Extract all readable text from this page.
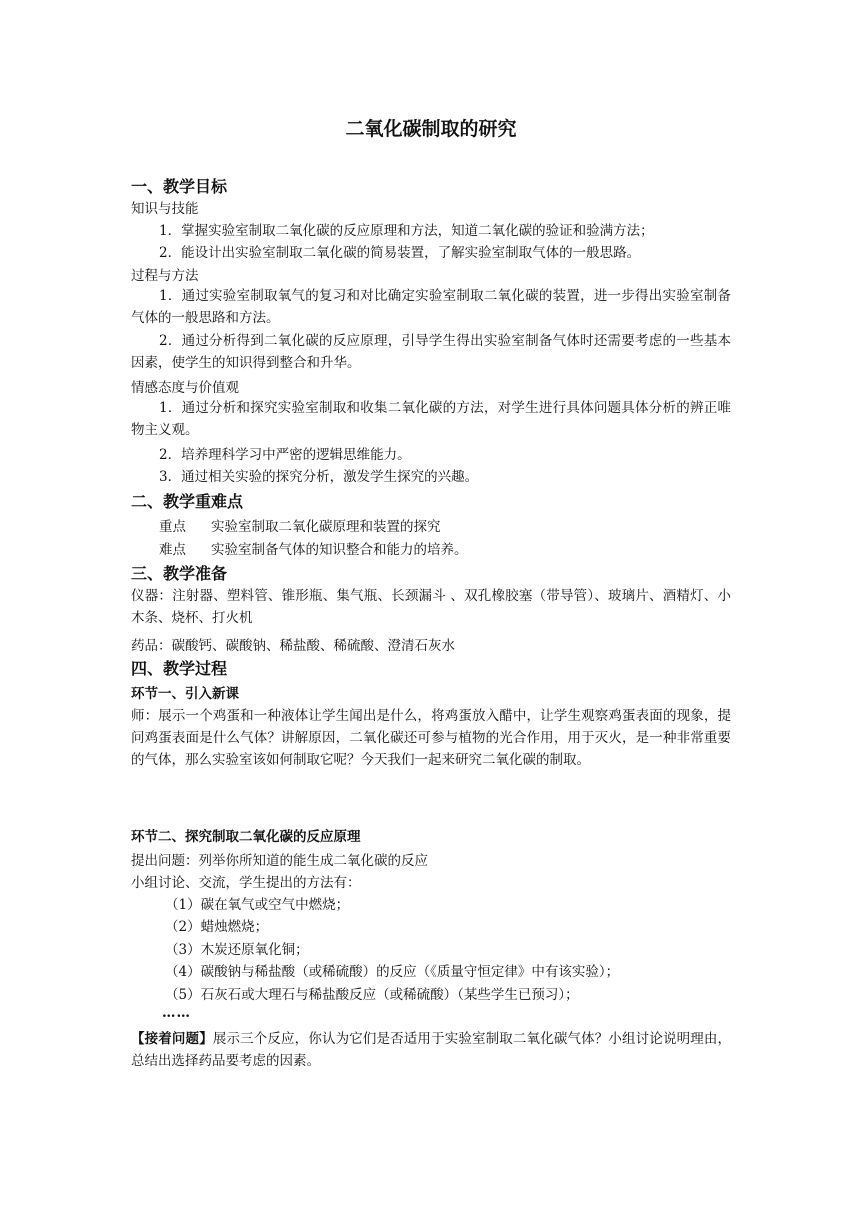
二氧化碳制取的研究
一、教学目标
知识与技能
1．掌握实验室制取二氧化碳的反应原理和方法，知道二氧化碳的验证和验满方法；
2．能设计出实验室制取二氧化碳的简易装置，了解实验室制取气体的一般思路。
过程与方法
1．通过实验室制取氧气的复习和对比确定实验室制取二氧化碳的装置，进一步得出实验室制备气体的一般思路和方法。
2．通过分析得到二氧化碳的反应原理，引导学生得出实验室制备气体时还需要考虑的一些基本因素，使学生的知识得到整合和升华。
情感态度与价值观
1．通过分析和探究实验室制取和收集二氧化碳的方法，对学生进行具体问题具体分析的辨正唯物主义观。
2．培养理科学习中严密的逻辑思维能力。
3．通过相关实验的探究分析，激发学生探究的兴趣。
二、教学重难点
重点 实验室制取二氧化碳原理和装置的探究
难点 实验室制备气体的知识整合和能力的培养。
三、教学准备
仪器：注射器、塑料管、锥形瓶、集气瓶、长颈漏斗 、双孔橡胶塞（带导管）、玻璃片、酒精灯、小木条、烧杯、打火机
药品：碳酸钙、碳酸钠、稀盐酸、稀硫酸、澄清石灰水
四、教学过程
环节一、引入新课
师：展示一个鸡蛋和一种液体让学生闻出是什么，将鸡蛋放入醋中，让学生观察鸡蛋表面的现象，提问鸡蛋表面是什么气体？讲解原因，二氧化碳还可参与植物的光合作用，用于灭火，是一种非常重要的气体，那么实验室该如何制取它呢？今天我们一起来研究二氧化碳的制取。
环节二、探究制取二氧化碳的反应原理
提出问题：列举你所知道的能生成二氧化碳的反应
小组讨论、交流，学生提出的方法有：
（1）碳在氧气或空气中燃烧；
（2）蜡烛燃烧；
（3）木炭还原氧化铜；
（4）碳酸钠与稀盐酸（或稀硫酸）的反应（《质量守恒定律》中有该实验）；
（5）石灰石或大理石与稀盐酸反应（或稀硫酸）（某些学生已预习）；
……
【接着问题】展示三个反应，你认为它们是否适用于实验室制取二氧化碳气体？小组讨论说明理由，总结出选择药品要考虑的因素。
